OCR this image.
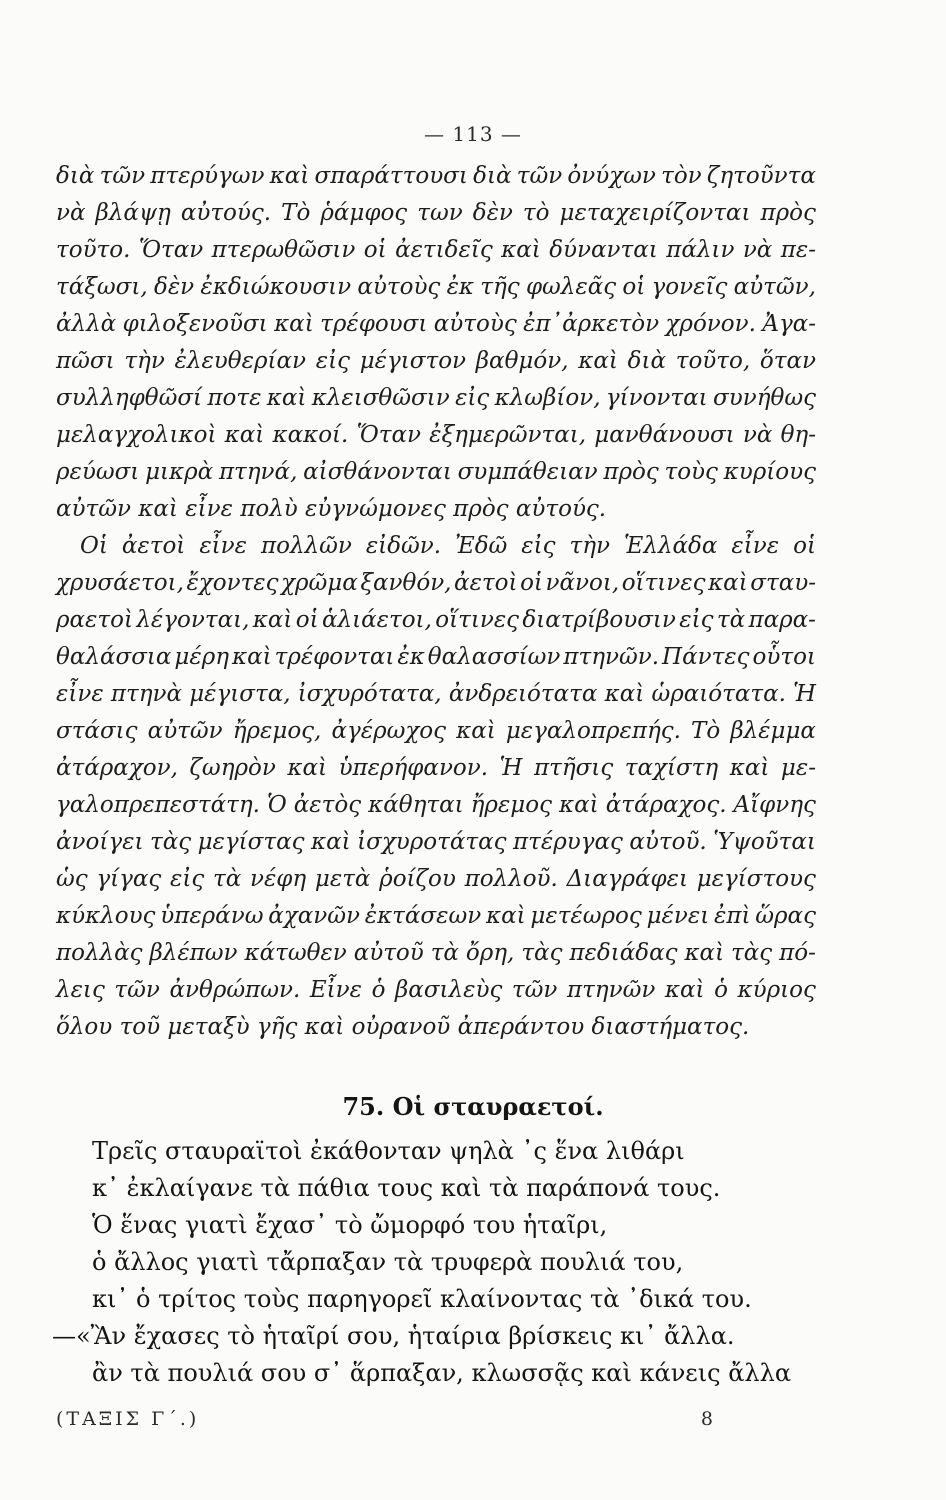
— 113 —
διὰ τῶν πτερύγων καὶ σπαράττουσι διὰ τῶν ὀνύχων τὸν ζητοῦντα
νὰ βλάψῃ αὐτούς. Τὸ ῥάμφος των δὲν τὸ μεταχειρίζονται πρὸς
τοῦτο. Ὅταν πτερωθῶσιν οἱ ἀετιδεῖς καὶ δύνανται πάλιν νὰ πε-
τάξωσι, δὲν ἐκδιώκουσιν αὐτοὺς ἐκ τῆς φωλεᾶς οἱ γονεῖς αὐτῶν,
ἀλλὰ φιλοξενοῦσι καὶ τρέφουσι αὐτοὺς ἐπ᾽ἀρκετὸν χρόνον. Ἀγα-
πῶσι τὴν ἐλευθερίαν εἰς μέγιστον βαθμόν, καὶ διὰ τοῦτο, ὅταν
συλληφθῶσί ποτε καὶ κλεισθῶσιν εἰς κλωβίον, γίνονται συνήθως
μελαγχολικοὶ καὶ κακοί. Ὅταν ἐξημερῶνται, μανθάνουσι νὰ θη-
ρεύωσι μικρὰ πτηνά, αἰσθάνονται συμπάθειαν πρὸς τοὺς κυρίους
αὐτῶν καὶ εἶνε πολὺ εὐγνώμονες πρὸς αὐτούς.
Οἱ ἀετοὶ εἶνε πολλῶν εἰδῶν. Ἐδῶ εἰς τὴν Ἑλλάδα εἶνε οἱ
χρυσάετοι, ἔχοντες χρῶμα ξανθόν, ἀετοὶ οἱ νᾶνοι, οἵτινες καὶ σταυ-
ραετοὶ λέγονται, καὶ οἱ ἁλιάετοι, οἵτινες διατρίβουσιν εἰς τὰ παρα-
θαλάσσια μέρη καὶ τρέφονται ἐκ θαλασσίων πτηνῶν. Πάντες οὗτοι
εἶνε πτηνὰ μέγιστα, ἰσχυρότατα, ἀνδρειότατα καὶ ὡραιότατα. Ἡ
στάσις αὐτῶν ἤρεμος, ἀγέρωχος καὶ μεγαλοπρεπής. Τὸ βλέμμα
ἀτάραχον, ζωηρὸν καὶ ὑπερήφανον. Ἡ πτῆσις ταχίστη καὶ με-
γαλοπρεπεστάτη. Ὁ ἀετὸς κάθηται ἤρεμος καὶ ἀτάραχος. Αἴφνης
ἀνοίγει τὰς μεγίστας καὶ ἰσχυροτάτας πτέρυγας αὐτοῦ. Ὑψοῦται
ὡς γίγας εἰς τὰ νέφη μετὰ ῥοίζου πολλοῦ. Διαγράφει μεγίστους
κύκλους ὑπεράνω ἀχανῶν ἐκτάσεων καὶ μετέωρος μένει ἐπὶ ὥρας
πολλὰς βλέπων κάτωθεν αὐτοῦ τὰ ὄρη, τὰς πεδιάδας καὶ τὰς πό-
λεις τῶν ἀνθρώπων. Εἶνε ὁ βασιλεὺς τῶν πτηνῶν καὶ ὁ κύριος
ὅλου τοῦ μεταξὺ γῆς καὶ οὐρανοῦ ἀπεράντου διαστήματος.
75. Οἱ σταυραετοί.
Τρεῖς σταυραϊτοὶ ἐκάθονταν ψηλὰ ᾽ς ἕνα λιθάρι
κ᾽ ἐκλαίγανε τὰ πάθια τους καὶ τὰ παράπονά τους.
Ὁ ἕνας γιατὶ ἔχασ᾽ τὸ ὤμορφό του ἡταῖρι,
ὁ ἄλλος γιατὶ τἄρπαξαν τὰ τρυφερὰ πουλιά του,
κι᾽ ὁ τρίτος τοὺς παρηγορεῖ κλαίνοντας τὰ ᾽δικά του.
—«Ἂν ἔχασες τὸ ἡταῖρί σου, ἡταίρια βρίσκεις κι᾽ ἄλλα.
ἂν τὰ πουλιά σου σ᾽ ἅρπαξαν, κλωσσᾷς καὶ κάνεις ἄλλα
(ΤΑΞΙΣ Γ΄.)	8
